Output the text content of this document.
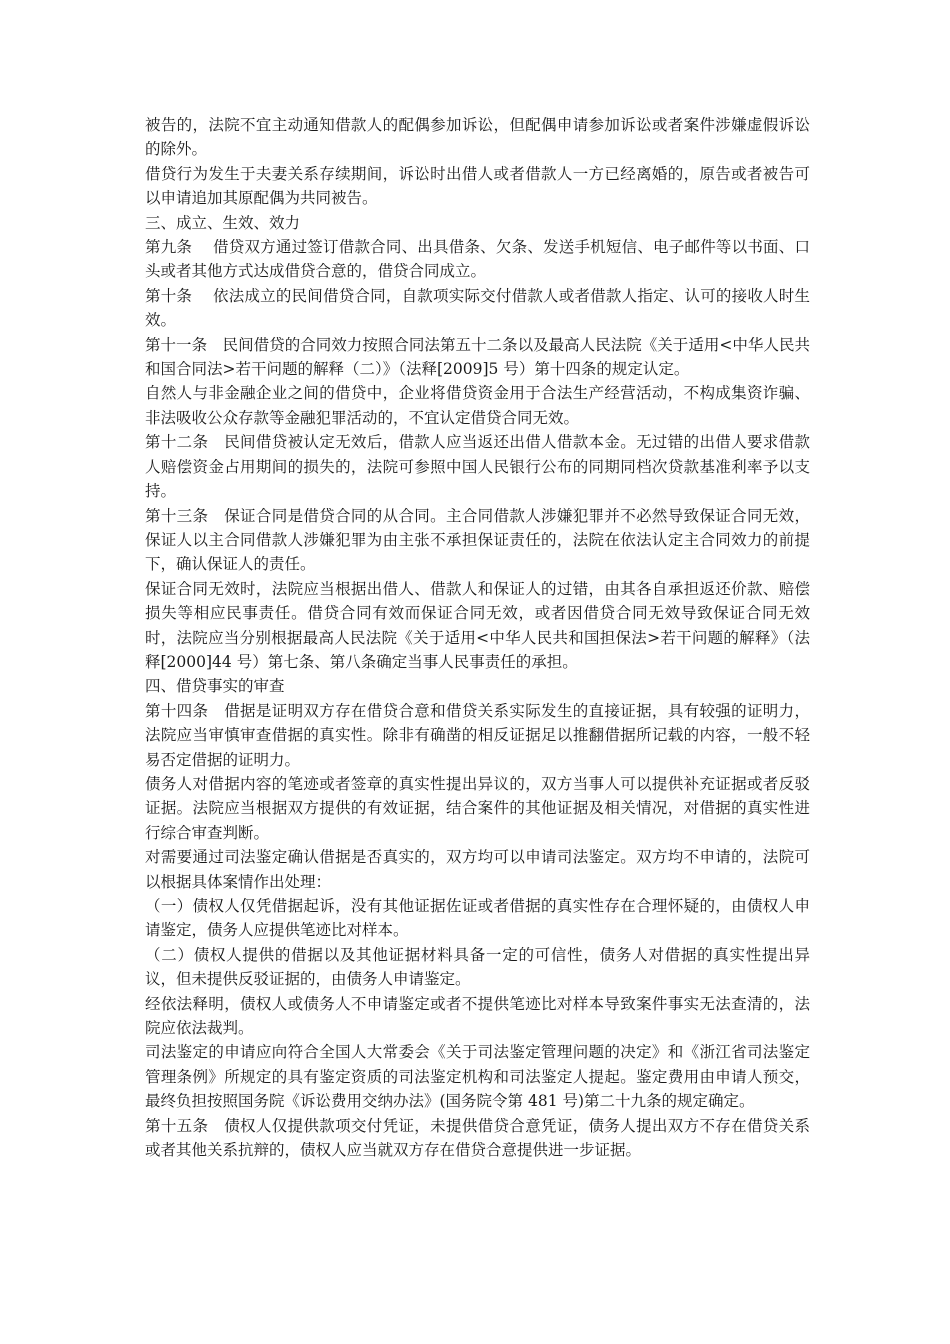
被告的，法院不宜主动通知借款人的配偶参加诉讼，但配偶申请参加诉讼或者案件涉嫌虚假诉讼的除外。

借贷行为发生于夫妻关系存续期间，诉讼时出借人或者借款人一方已经离婚的，原告或者被告可以申请追加其原配偶为共同被告。

三、成立、生效、效力

第九条　 借贷双方通过签订借款合同、出具借条、欠条、发送手机短信、电子邮件等以书面、口头或者其他方式达成借贷合意的，借贷合同成立。

第十条　 依法成立的民间借贷合同，自款项实际交付借款人或者借款人指定、认可的接收人时生效。

第十一条　民间借贷的合同效力按照合同法第五十二条以及最高人民法院《关于适用<中华人民共和国合同法>若干问题的解释（二）》（法释[2009]5 号）第十四条的规定认定。

自然人与非金融企业之间的借贷中，企业将借贷资金用于合法生产经营活动，不构成集资诈骗、非法吸收公众存款等金融犯罪活动的，不宜认定借贷合同无效。

第十二条　民间借贷被认定无效后，借款人应当返还出借人借款本金。无过错的出借人要求借款人赔偿资金占用期间的损失的，法院可参照中国人民银行公布的同期同档次贷款基准利率予以支持。

第十三条　保证合同是借贷合同的从合同。主合同借款人涉嫌犯罪并不必然导致保证合同无效，保证人以主合同借款人涉嫌犯罪为由主张不承担保证责任的，法院在依法认定主合同效力的前提下，确认保证人的责任。

保证合同无效时，法院应当根据出借人、借款人和保证人的过错，由其各自承担返还价款、赔偿损失等相应民事责任。借贷合同有效而保证合同无效，或者因借贷合同无效导致保证合同无效时，法院应当分别根据最高人民法院《关于适用<中华人民共和国担保法>若干问题的解释》（法释[2000]44 号）第七条、第八条确定当事人民事责任的承担。

四、借贷事实的审查

第十四条　借据是证明双方存在借贷合意和借贷关系实际发生的直接证据，具有较强的证明力，法院应当审慎审查借据的真实性。除非有确凿的相反证据足以推翻借据所记载的内容，一般不轻易否定借据的证明力。

债务人对借据内容的笔迹或者签章的真实性提出异议的，双方当事人可以提供补充证据或者反驳证据。法院应当根据双方提供的有效证据，结合案件的其他证据及相关情况，对借据的真实性进行综合审查判断。

对需要通过司法鉴定确认借据是否真实的，双方均可以申请司法鉴定。双方均不申请的，法院可以根据具体案情作出处理：

（一）债权人仅凭借据起诉，没有其他证据佐证或者借据的真实性存在合理怀疑的，由债权人申请鉴定，债务人应提供笔迹比对样本。

（二）债权人提供的借据以及其他证据材料具备一定的可信性，债务人对借据的真实性提出异议，但未提供反驳证据的，由债务人申请鉴定。

经依法释明，债权人或债务人不申请鉴定或者不提供笔迹比对样本导致案件事实无法查清的，法院应依法裁判。

司法鉴定的申请应向符合全国人大常委会《关于司法鉴定管理问题的决定》和《浙江省司法鉴定管理条例》所规定的具有鉴定资质的司法鉴定机构和司法鉴定人提起。鉴定费用由申请人预交，最终负担按照国务院《诉讼费用交纳办法》(国务院令第 481 号)第二十九条的规定确定。

第十五条　债权人仅提供款项交付凭证，未提供借贷合意凭证，债务人提出双方不存在借贷关系或者其他关系抗辩的，债权人应当就双方存在借贷合意提供进一步证据。
